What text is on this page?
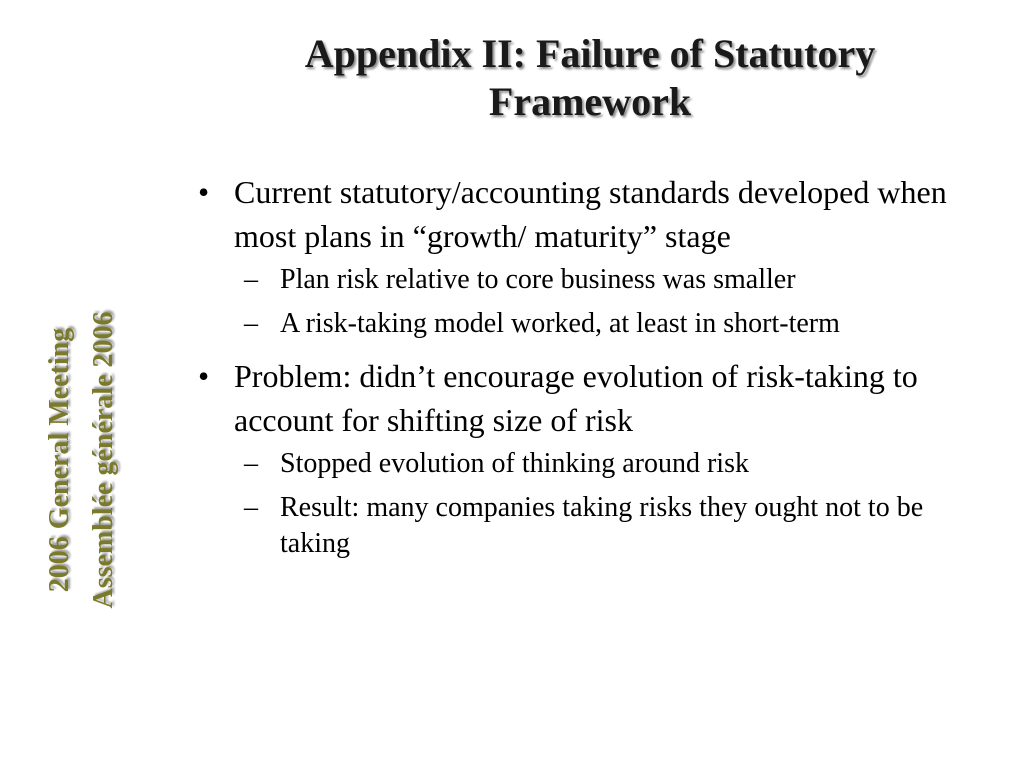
Appendix II: Failure of Statutory Framework
2006 General Meeting Assemblée générale 2006
• Current statutory/accounting standards developed when most plans in “growth/ maturity” stage
– Plan risk relative to core business was smaller
– A risk-taking model worked, at least in short-term
• Problem: didn’t encourage evolution of risk-taking to account for shifting size of risk
– Stopped evolution of thinking around risk
– Result: many companies taking risks they ought not to be taking
